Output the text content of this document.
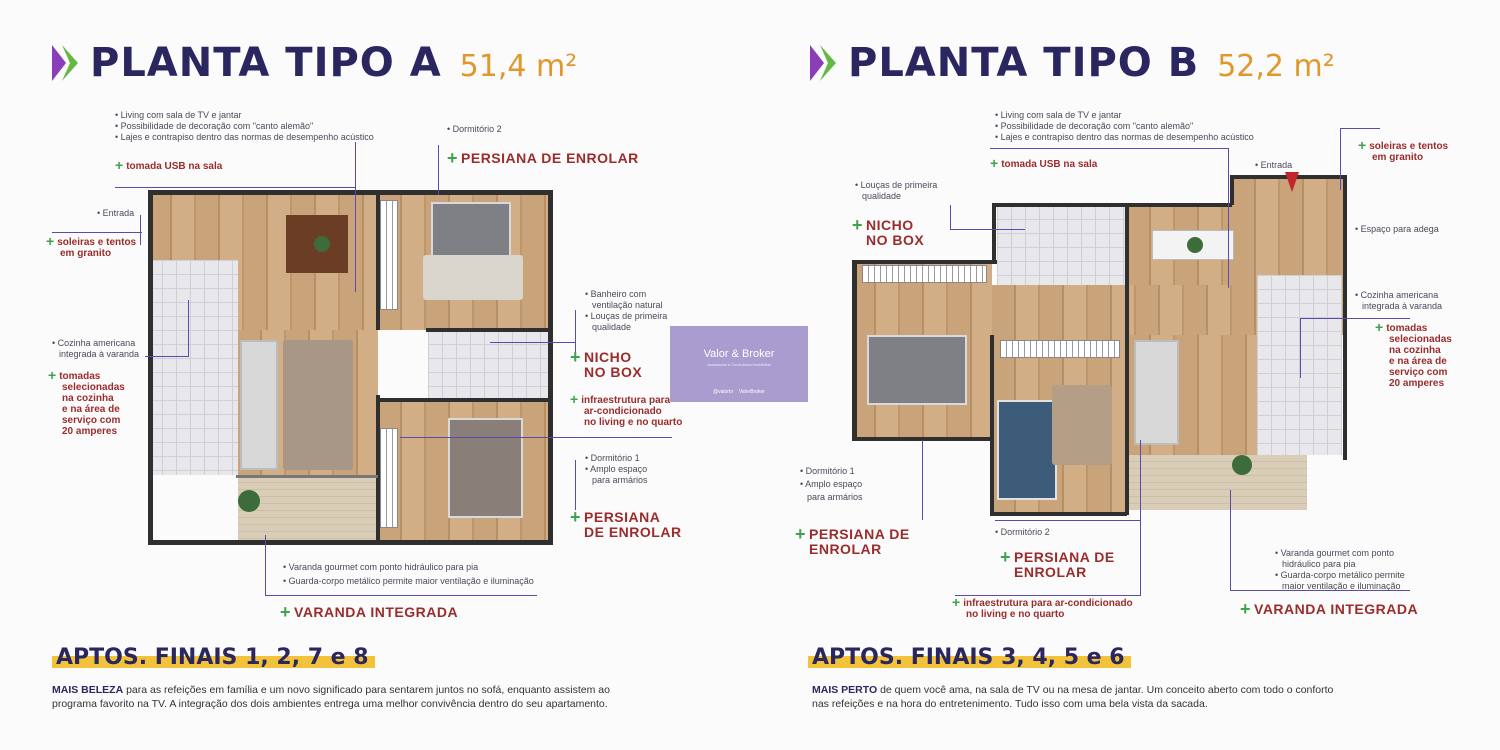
PLANTA TIPO A 51,4 m²
• Living com sala de TV e jantar
• Possibilidade de decoração com "canto alemão"
• Lajes e contrapiso dentro das normas de desempenho acústico
+ tomada USB na sala
• Entrada
+ soleiras e tentos
em granito
• Cozinha americana
integrada à varanda
+ tomadas
selecionadas
na cozinha
e na área de
serviço com
20 amperes
• Dormitório 2
+ PERSIANA DE ENROLAR
• Banheiro com
ventilação natural
• Louças de primeira
qualidade
+ NICHO
NO BOX
+ infraestrutura para
ar-condicionado
no living e no quarto
• Dormitório 1
• Amplo espaço
para armários
+ PERSIANA
DE ENROLAR
• Varanda gourmet com ponto hidráulico para pia
• Guarda-corpo metálico permite maior ventilação e iluminação
+ VARANDA INTEGRADA
APTOS. FINAIS 1, 2, 7 e 8
MAIS BELEZA para as refeições em família e um novo significado para sentarem juntos no sofá, enquanto assistem ao
programa favorito na TV. A integração dos dois ambientes entrega uma melhor convivência dentro do seu apartamento.
PLANTA TIPO B 52,2 m²
• Living com sala de TV e jantar
• Possibilidade de decoração com "canto alemão"
• Lajes e contrapiso dentro das normas de desempenho acústico
+ tomada USB na sala
• Louças de primeira
qualidade
+ NICHO
NO BOX
• Entrada
+ soleiras e tentos
em granito
• Espaço para adega
• Cozinha americana
integrada à varanda
+ tomadas
selecionadas
na cozinha
e na área de
serviço com
20 amperes
• Dormitório 1
• Amplo espaço
para armários
+ PERSIANA DE
ENROLAR
• Dormitório 2
+ PERSIANA DE
ENROLAR
+ infraestrutura para ar-condicionado
no living e no quarto
• Varanda gourmet com ponto
hidráulico para pia
• Guarda-corpo metálico permite
maior ventilação e iluminação
+ VARANDA INTEGRADA
APTOS. FINAIS 3, 4, 5 e 6
MAIS PERTO de quem você ama, na sala de TV ou na mesa de jantar. Um conceito aberto com todo o conforto
nas refeições e na hora do entretenimento. Tudo isso com uma bela vista da sacada.
Valor & Broker
Assessoria e Consultoria Imobiliária
@valorbr ValorBroker
